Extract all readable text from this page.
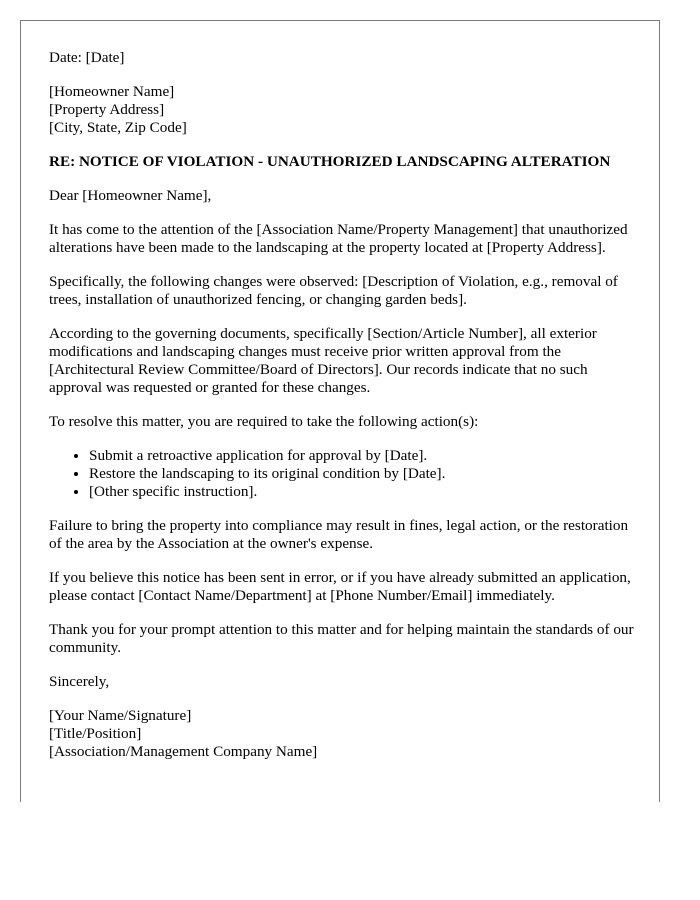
Date: [Date]

[Homeowner Name]
[Property Address]
[City, State, Zip Code]

RE: NOTICE OF VIOLATION - UNAUTHORIZED LANDSCAPING ALTERATION

Dear [Homeowner Name],

It has come to the attention of the [Association Name/Property Management] that unauthorized alterations have been made to the landscaping at the property located at [Property Address].

Specifically, the following changes were observed: [Description of Violation, e.g., removal of trees, installation of unauthorized fencing, or changing garden beds].

According to the governing documents, specifically [Section/Article Number], all exterior modifications and landscaping changes must receive prior written approval from the [Architectural Review Committee/Board of Directors]. Our records indicate that no such approval was requested or granted for these changes.

To resolve this matter, you are required to take the following action(s):

• Submit a retroactive application for approval by [Date].
• Restore the landscaping to its original condition by [Date].
• [Other specific instruction].

Failure to bring the property into compliance may result in fines, legal action, or the restoration of the area by the Association at the owner's expense.

If you believe this notice has been sent in error, or if you have already submitted an application, please contact [Contact Name/Department] at [Phone Number/Email] immediately.

Thank you for your prompt attention to this matter and for helping maintain the standards of our community.

Sincerely,

[Your Name/Signature]
[Title/Position]
[Association/Management Company Name]
